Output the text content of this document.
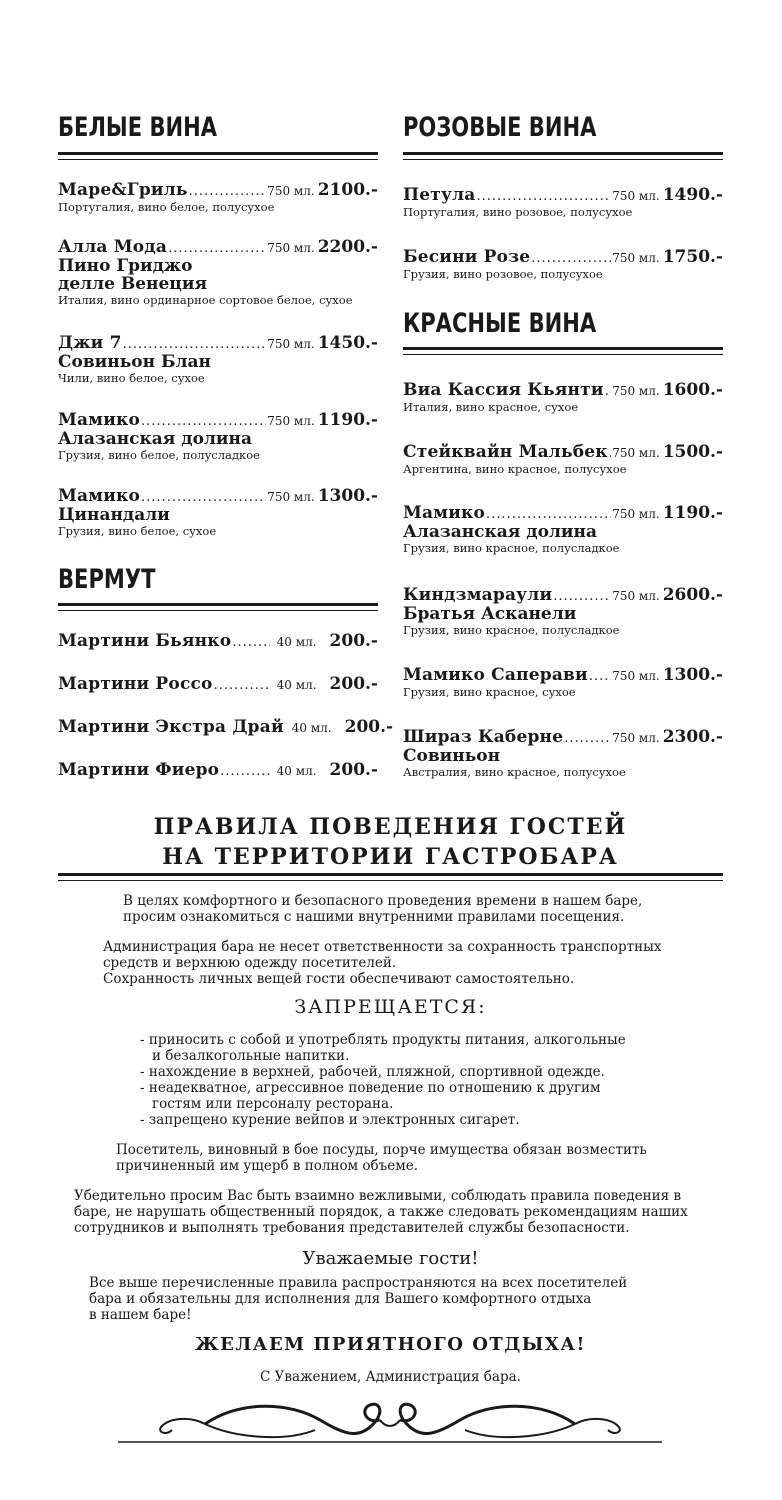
БЕЛЫЕ ВИНА
Маре&Гриль .....	750 мл. 2100.-
Португалия, вино белое, полусухое
Алла Мода .....	750 мл. 2200.-
Пино Гриджо
делле Венеция
Италия, вино ординарное сортовое белое, сухое
Джи 7 .....	750 мл. 1450.-
Совиньон Блан
Чили, вино белое, сухое
Мамико .....	750 мл. 1190.-
Алазанская долина
Грузия, вино белое, полусладкое
Мамико .....	750 мл. 1300.-
Цинандали
Грузия, вино белое, сухое
ВЕРМУТ
Мартини Бьянко .....	40 мл. 200.-
Мартини Россо .....	40 мл. 200.-
Мартини Экстра Драй 40 мл. 200.-
Мартини Фиеро .....	40 мл. 200.-
РОЗОВЫЕ ВИНА
Петула .....	750 мл. 1490.-
Португалия, вино розовое, полусухое
Бесини Розе .....	750 мл. 1750.-
Грузия, вино розовое, полусухое
КРАСНЫЕ ВИНА
Виа Кассия Кьянти ..... 750 мл. 1600.-
Италия, вино красное, сухое
Стейквайн Мальбек ..... 750 мл. 1500.-
Аргентина, вино красное, полусухое
Мамико .....	750 мл. 1190.-
Алазанская долина
Грузия, вино красное, полусладкое
Киндзмараули .....	750 мл. 2600.-
Братья Асканели
Грузия, вино красное, полусладкое
Мамико Саперави ..... 750 мл. 1300.-
Грузия, вино красное, сухое
Шираз Каберне .....	750 мл. 2300.-
Совиньон
Австралия, вино красное, полусухое
ПРАВИЛА ПОВЕДЕНИЯ ГОСТЕЙ
НА ТЕРРИТОРИИ ГАСТРОБАРА
В целях комфортного и безопасного проведения времени в нашем баре,
просим ознакомиться с нашими внутренними правилами посещения.
Администрация бара не несет ответственности за сохранность транспортных
средств и верхнюю одежду посетителей.
Сохранность личных вещей гости обеспечивают самостоятельно.
ЗАПРЕЩАЕТСЯ:
- приносить с собой и употреблять продукты питания, алкогольные
и безалкогольные напитки.
- нахождение в верхней, рабочей, пляжной, спортивной одежде.
- неадекватное, агрессивное поведение по отношению к другим
гостям или персоналу ресторана.
- запрещено курение вейпов и электронных сигарет.
Посетитель, виновный в бое посуды, порче имущества обязан возместить
причиненный им ущерб в полном объеме.
Убедительно просим Вас быть взаимно вежливыми, соблюдать правила поведения в
баре, не нарушать общественный порядок, а также следовать рекомендациям наших
сотрудников и выполнять требования представителей службы безопасности.
Уважаемые гости!
Все выше перечисленные правила распространяются на всех посетителей
бара и обязательны для исполнения для Вашего комфортного отдыха
в нашем баре!
ЖЕЛАЕМ ПРИЯТНОГО ОТДЫХА!
С Уважением, Администрация бара.
